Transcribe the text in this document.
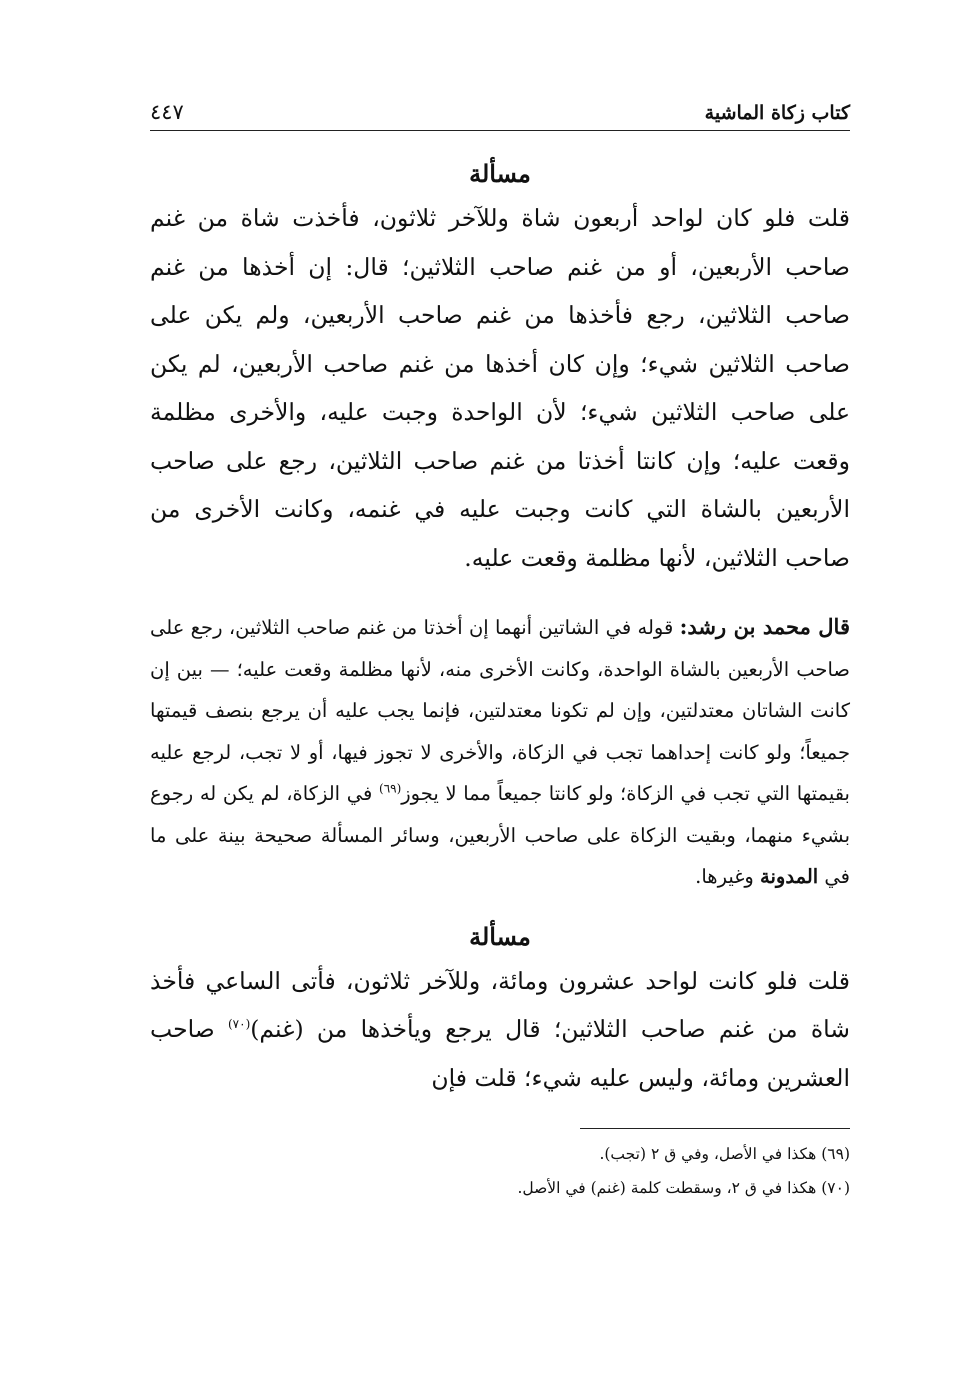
كتاب زكاة الماشية
٤٤٧
مسألة

قلت فلو كان لواحد أربعون شاة وللآخر ثلاثون، فأخذت شاة من غنم صاحب الأربعين، أو من غنم صاحب الثلاثين؛ قال: إن أخذها من غنم صاحب الثلاثين، رجع فأخذها من غنم صاحب الأربعين، ولم يكن على صاحب الثلاثين شيء؛ وإن كان أخذها من غنم صاحب الأربعين، لم يكن على صاحب الثلاثين شيء؛ لأن الواحدة وجبت عليه، والأخرى مظلمة وقعت عليه؛ وإن كانتا أخذتا من غنم صاحب الثلاثين، رجع على صاحب الأربعين بالشاة التي كانت وجبت عليه في غنمه، وكانت الأخرى من صاحب الثلاثين، لأنها مظلمة وقعت عليه.

قال محمد بن رشد: قوله في الشاتين أنهما إن أخذتا من غنم صاحب الثلاثين، رجع على صاحب الأربعين بالشاة الواحدة، وكانت الأخرى منه، لأنها مظلمة وقعت عليه؛ — بين إن كانت الشاتان معتدلتين، وإن لم تكونا معتدلتين، فإنما يجب عليه أن يرجع بنصف قيمتها جميعاً؛ ولو كانت إحداهما تجب في الزكاة، والأخرى لا تجوز فيها، أو لا تجب، لرجع عليه بقيمتها التي تجب في الزكاة؛ ولو كانتا جميعاً مما لا يجوز$^{(٦٩)}$ في الزكاة، لم يكن له رجوع بشيء منهما، وبقيت الزكاة على صاحب الأربعين، وسائر المسألة صحيحة بينة على ما في المدونة وغيرها.

مسألة

قلت فلو كانت لواحد عشرون ومائة، وللآخر ثلاثون، فأتى الساعي فأخذ شاة من غنم صاحب الثلاثين؛ قال يرجع ويأخذها من (غنم)$^{(٧٠)}$ صاحب العشرين ومائة، وليس عليه شيء؛ قلت فإن

(٦٩) هكذا في الأصل، وفي ق ٢ (تجب).
(٧٠) هكذا في ق ٢، وسقطت كلمة (غنم) في الأصل.
